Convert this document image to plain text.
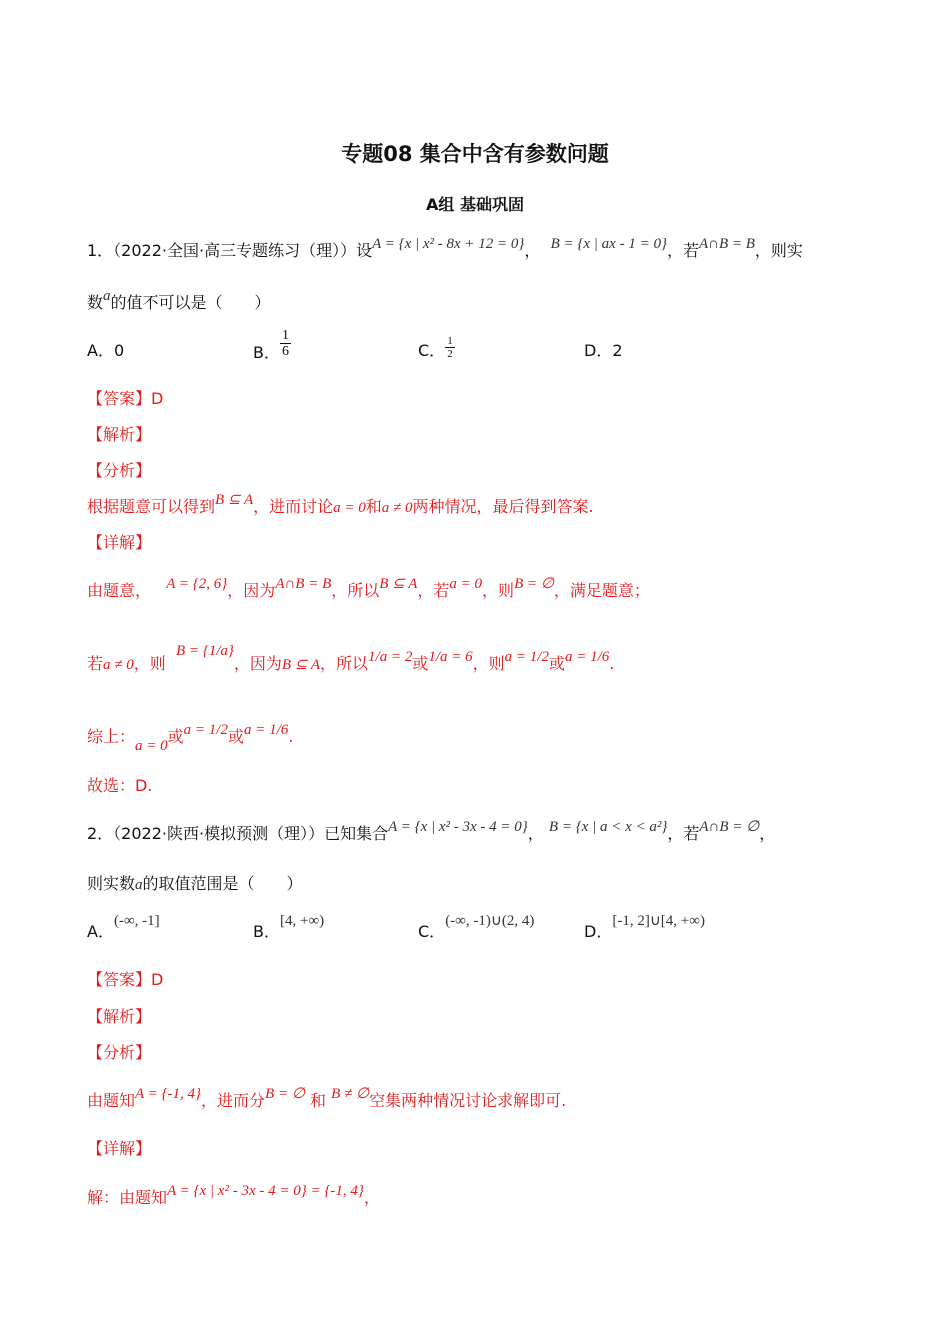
专题08 集合中含有参数问题
A组 基础巩固
1．（2022·全国·高三专题练习（理））设A = {x | x² - 8x + 12 = 0}， B = {x | ax - 1 = 0}，若A∩B = B，则实
数a的值不可以是（　　）
A．0	B． $\frac{1}{6}$	C． $\frac{1}{2}$	D．2
【答案】D
【解析】
【分析】
根据题意可以得到B ⊆ A，进而讨论a = 0和a ≠ 0两种情况，最后得到答案.
【详解】
由题意， A = {2, 6}，因为A∩B = B，所以B ⊆ A，若a = 0，则B = ∅，满足题意；
若a ≠ 0，则  B = {1/a}，因为B ⊆ A，所以1/a = 2或1/a = 6，则a = 1/2或a = 1/6.
综上：a = 0或a = 1/2或a = 1/6.
故选：D.
2．（2022·陕西·模拟预测（理））已知集合A = {x | x² - 3x - 4 = 0}， B = {x | a < x < a²}，若A∩B = ∅，
则实数a的取值范围是（　　）
A．(-∞, -1]
B．[4, +∞)
C．(-∞, -1)∪(2, 4)
D．[-1, 2]∪[4, +∞)
【答案】D
【解析】
【分析】
由题知A = {-1, 4}，进而分B = ∅ 和 B ≠ ∅空集两种情况讨论求解即可.
【详解】
解：由题知A = {x | x² - 3x - 4 = 0} = {-1, 4}，
